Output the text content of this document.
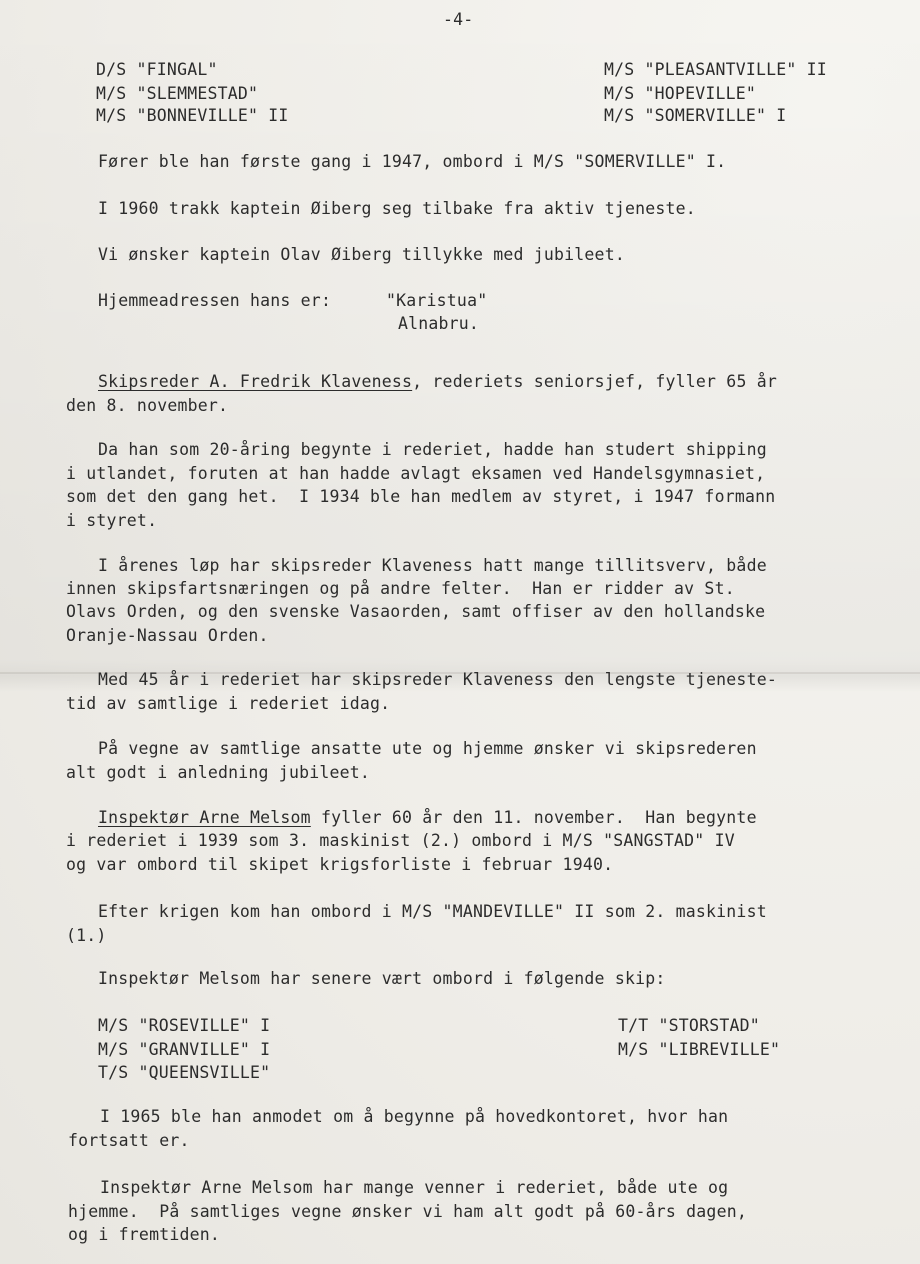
-4-
D/S "FINGAL"
M/S "SLEMMESTAD"
M/S "BONNEVILLE" II
M/S "PLEASANTVILLE" II
M/S "HOPEVILLE"
M/S "SOMERVILLE" I
Fører ble han første gang i 1947, ombord i M/S "SOMERVILLE" I.
I 1960 trakk kaptein Øiberg seg tilbake fra aktiv tjeneste.
Vi ønsker kaptein Olav Øiberg tillykke med jubileet.
Hjemmeadressen hans er:	"Karistua"
Alnabru.
Skipsreder A. Fredrik Klaveness, rederiets seniorsjef, fyller 65 år
den 8. november.
Da han som 20-åring begynte i rederiet, hadde han studert shipping
i utlandet, foruten at han hadde avlagt eksamen ved Handelsgymnasiet,
som det den gang het.  I 1934 ble han medlem av styret, i 1947 formann
i styret.
I årenes løp har skipsreder Klaveness hatt mange tillitsverv, både
innen skipsfartsnæringen og på andre felter.  Han er ridder av St.
Olavs Orden, og den svenske Vasaorden, samt offiser av den hollandske
Oranje-Nassau Orden.
Med 45 år i rederiet har skipsreder Klaveness den lengste tjeneste-
tid av samtlige i rederiet idag.
På vegne av samtlige ansatte ute og hjemme ønsker vi skipsrederen
alt godt i anledning jubileet.
Inspektør Arne Melsom fyller 60 år den 11. november.  Han begynte
i rederiet i 1939 som 3. maskinist (2.) ombord i M/S "SANGSTAD" IV
og var ombord til skipet krigsforliste i februar 1940.
Efter krigen kom han ombord i M/S "MANDEVILLE" II som 2. maskinist
(1.)
Inspektør Melsom har senere vært ombord i følgende skip:
M/S "ROSEVILLE" I
M/S "GRANVILLE" I
T/S "QUEENSVILLE"
T/T "STORSTAD"
M/S "LIBREVILLE"
I 1965 ble han anmodet om å begynne på hovedkontoret, hvor han
fortsatt er.
Inspektør Arne Melsom har mange venner i rederiet, både ute og
hjemme.  På samtliges vegne ønsker vi ham alt godt på 60-års dagen,
og i fremtiden.
